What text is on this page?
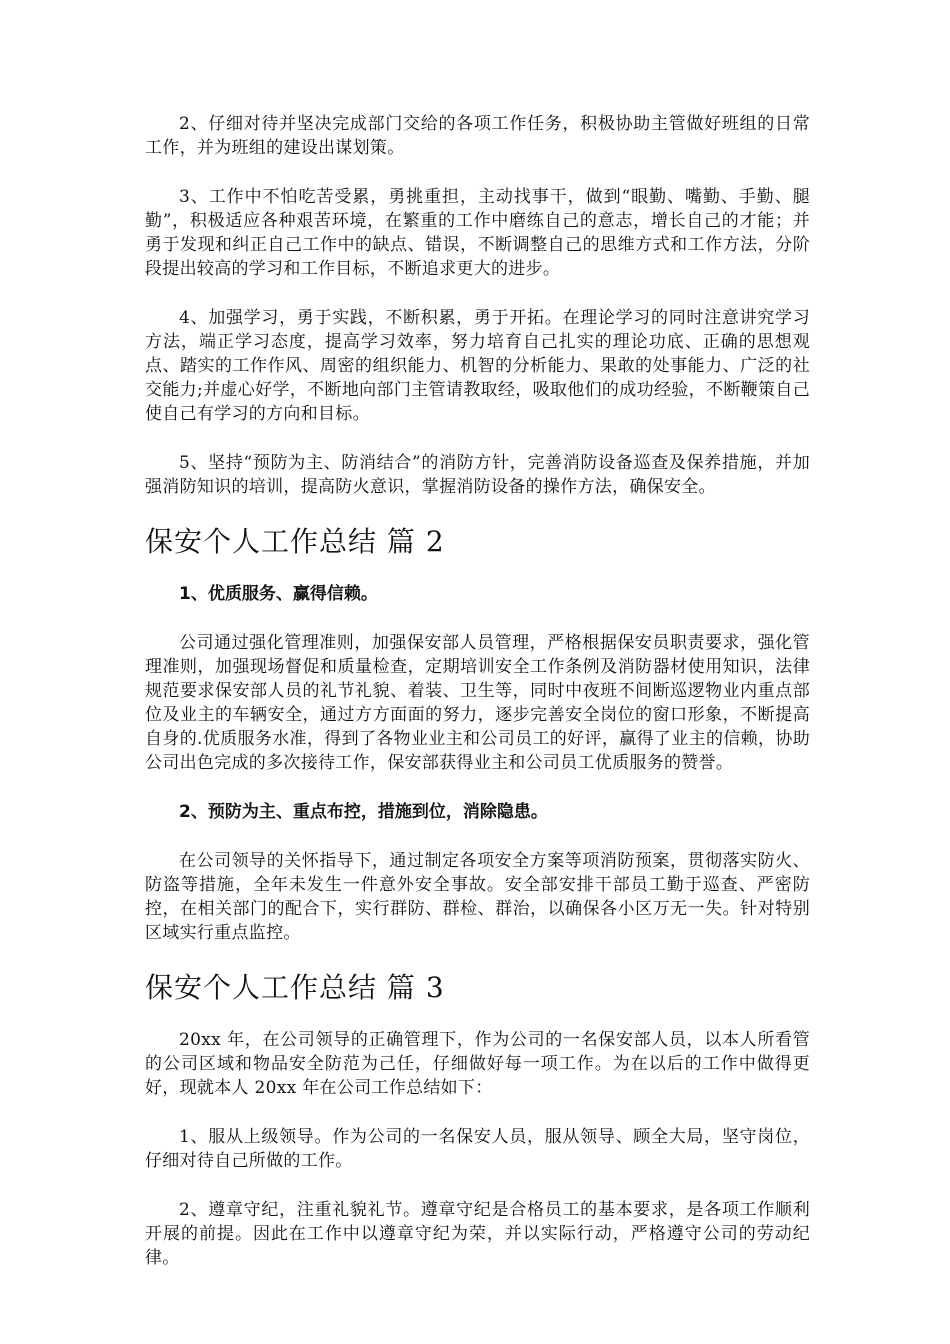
2、仔细对待并坚决完成部门交给的各项工作任务，积极协助主管做好班组的日常工作，并为班组的建设出谋划策。

3、工作中不怕吃苦受累，勇挑重担，主动找事干，做到“眼勤、嘴勤、手勤、腿勤”，积极适应各种艰苦环境，在繁重的工作中磨练自己的意志，增长自己的才能；并勇于发现和纠正自己工作中的缺点、错误，不断调整自己的思维方式和工作方法，分阶段提出较高的学习和工作目标，不断追求更大的进步。

4、加强学习，勇于实践，不断积累，勇于开拓。在理论学习的同时注意讲究学习方法，端正学习态度，提高学习效率，努力培育自己扎实的理论功底、正确的思想观点、踏实的工作作风、周密的组织能力、机智的分析能力、果敢的处事能力、广泛的社交能力;并虚心好学，不断地向部门主管请教取经，吸取他们的成功经验，不断鞭策自己使自己有学习的方向和目标。

5、坚持“预防为主、防消结合”的消防方针，完善消防设备巡查及保养措施，并加强消防知识的培训，提高防火意识，掌握消防设备的操作方法，确保安全。

保安个人工作总结 篇 2

1、优质服务、赢得信赖。

公司通过强化管理准则，加强保安部人员管理，严格根据保安员职责要求，强化管理准则，加强现场督促和质量检查，定期培训安全工作条例及消防器材使用知识，法律规范要求保安部人员的礼节礼貌、着装、卫生等，同时中夜班不间断巡逻物业内重点部位及业主的车辆安全，通过方方面面的努力，逐步完善安全岗位的窗口形象，不断提高自身的.优质服务水准，得到了各物业业主和公司员工的好评，赢得了业主的信赖，协助公司出色完成的多次接待工作，保安部获得业主和公司员工优质服务的赞誉。

2、预防为主、重点布控，措施到位，消除隐患。

在公司领导的关怀指导下，通过制定各项安全方案等项消防预案，贯彻落实防火、防盗等措施，全年未发生一件意外安全事故。安全部安排干部员工勤于巡查、严密防控，在相关部门的配合下，实行群防、群检、群治，以确保各小区万无一失。针对特别区域实行重点监控。

保安个人工作总结 篇 3

20xx 年，在公司领导的正确管理下，作为公司的一名保安部人员，以本人所看管的公司区域和物品安全防范为己任，仔细做好每一项工作。为在以后的工作中做得更好，现就本人 20xx 年在公司工作总结如下：

1、服从上级领导。作为公司的一名保安人员，服从领导、顾全大局，坚守岗位，仔细对待自己所做的工作。

2、遵章守纪，注重礼貌礼节。遵章守纪是合格员工的基本要求，是各项工作顺利开展的前提。因此在工作中以遵章守纪为荣，并以实际行动，严格遵守公司的劳动纪律。
